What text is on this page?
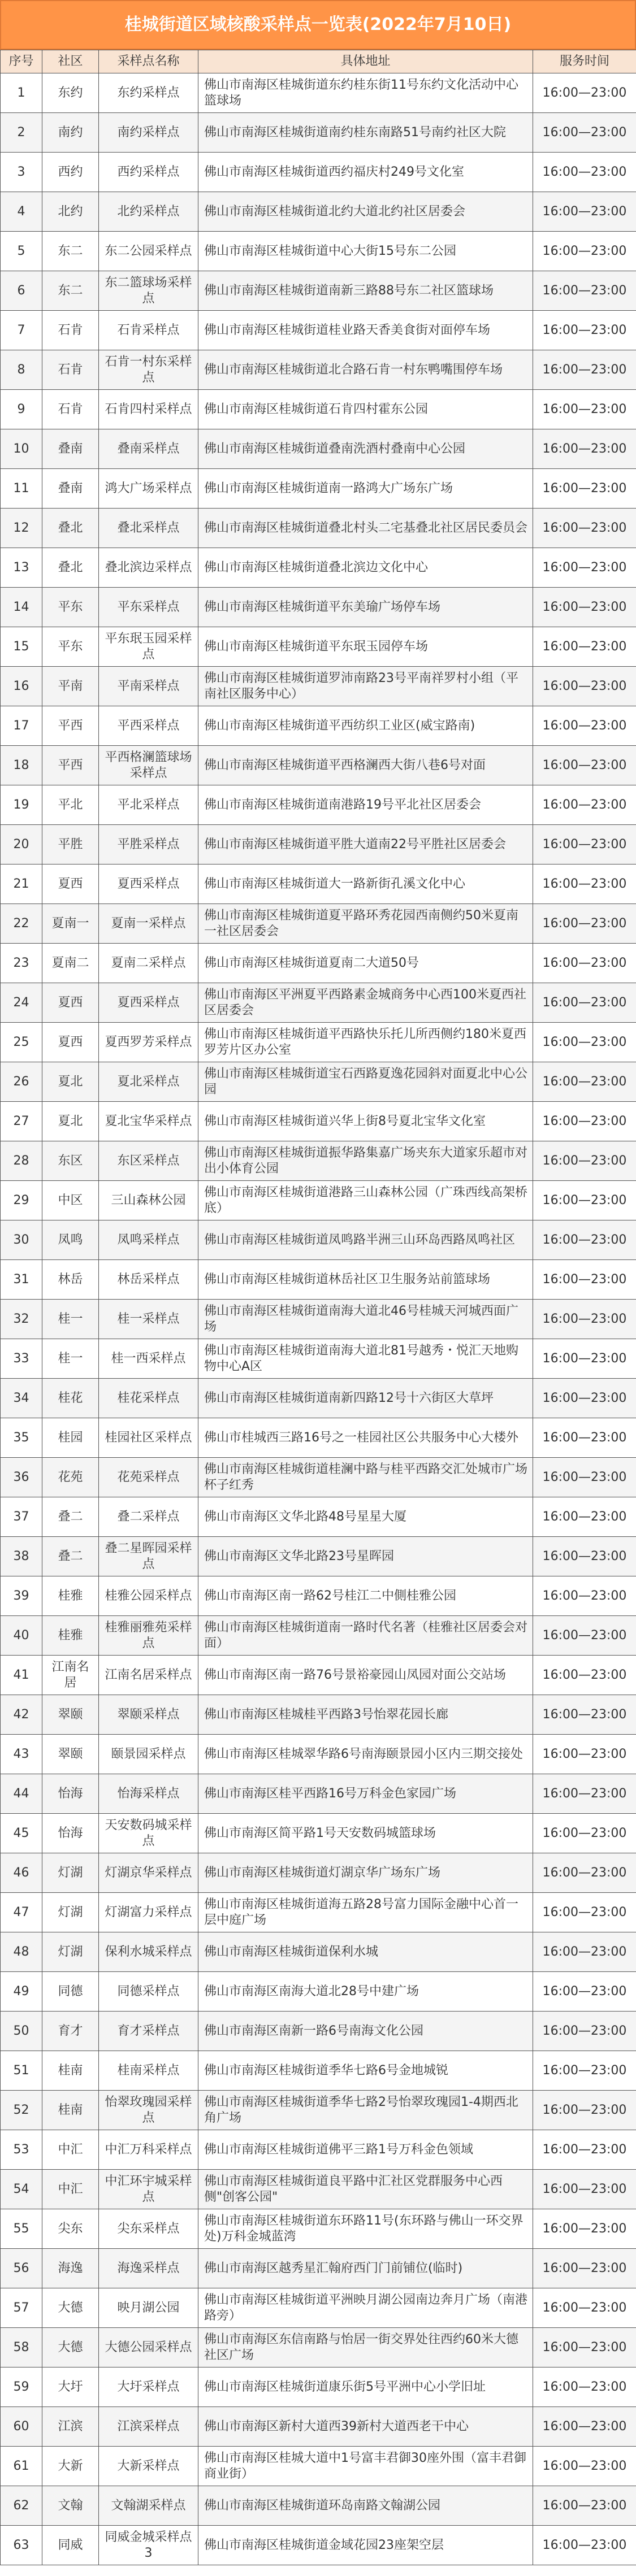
桂城街道区域核酸采样点一览表(2022年7月10日)
序号	社区	采样点名称	具体地址	服务时间
1	东约	东约采样点	佛山市南海区桂城街道东约桂东街11号东约文化活动中心篮球场	16:00—23:00
2	南约	南约采样点	佛山市南海区桂城街道南约桂东南路51号南约社区大院	16:00—23:00
3	西约	西约采样点	佛山市南海区桂城街道西约福庆村249号文化室	16:00—23:00
4	北约	北约采样点	佛山市南海区桂城街道北约大道北约社区居委会	16:00—23:00
5	东二	东二公园采样点	佛山市南海区桂城街道中心大街15号东二公园	16:00—23:00
6	东二	东二篮球场采样点	佛山市南海区桂城街道南新三路88号东二社区篮球场	16:00—23:00
7	石肯	石肯采样点	佛山市南海区桂城街道桂业路天香美食街对面停车场	16:00—23:00
8	石肯	石肯一村东采样点	佛山市南海区桂城街道北合路石肯一村东鸭嘴围停车场	16:00—23:00
9	石肯	石肯四村采样点	佛山市南海区桂城街道石肯四村霍东公园	16:00—23:00
10	叠南	叠南采样点	佛山市南海区桂城街道叠南洗酒村叠南中心公园	16:00—23:00
11	叠南	鸿大广场采样点	佛山市南海区桂城街道南一路鸿大广场东广场	16:00—23:00
12	叠北	叠北采样点	佛山市南海区桂城街道叠北村头二宅基叠北社区居民委员会	16:00—23:00
13	叠北	叠北滨边采样点	佛山市南海区桂城街道叠北滨边文化中心	16:00—23:00
14	平东	平东采样点	佛山市南海区桂城街道平东美瑜广场停车场	16:00—23:00
15	平东	平东珉玉园采样点	佛山市南海区桂城街道平东珉玉园停车场	16:00—23:00
16	平南	平南采样点	佛山市南海区桂城街道罗沛南路23号平南祥罗村小组（平南社区服务中心）	16:00—23:00
17	平西	平西采样点	佛山市南海区桂城街道平西纺织工业区(威宝路南)	16:00—23:00
18	平西	平西格澜篮球场采样点	佛山市南海区桂城街道平西格澜西大街八巷6号对面	16:00—23:00
19	平北	平北采样点	佛山市南海区桂城街道南港路19号平北社区居委会	16:00—23:00
20	平胜	平胜采样点	佛山市南海区桂城街道平胜大道南22号平胜社区居委会	16:00—23:00
21	夏西	夏西采样点	佛山市南海区桂城街道大一路新街孔溪文化中心	16:00—23:00
22	夏南一	夏南一采样点	佛山市南海区桂城街道夏平路环秀花园西南侧约50米夏南一社区居委会	16:00—23:00
23	夏南二	夏南二采样点	佛山市南海区桂城街道夏南二大道50号	16:00—23:00
24	夏西	夏西采样点	佛山市南海区平洲夏平西路素金城商务中心西100米夏西社区居委会	16:00—23:00
25	夏西	夏西罗芳采样点	佛山市南海区桂城街道平西路快乐托儿所西侧约180米夏西罗芳片区办公室	16:00—23:00
26	夏北	夏北采样点	佛山市南海区桂城街道宝石西路夏逸花园斜对面夏北中心公园	16:00—23:00
27	夏北	夏北宝华采样点	佛山市南海区桂城街道兴华上街8号夏北宝华文化室	16:00—23:00
28	东区	东区采样点	佛山市南海区桂城街道振华路集嘉广场夹东大道家乐超市对出小体育公园	16:00—23:00
29	中区	三山森林公园	佛山市南海区桂城街道港路三山森林公园（广珠西线高架桥底）	16:00—23:00
30	凤鸣	凤鸣采样点	佛山市南海区桂城街道凤鸣路半洲三山环岛西路凤鸣社区	16:00—23:00
31	林岳	林岳采样点	佛山市南海区桂城街道林岳社区卫生服务站前篮球场	16:00—23:00
32	桂一	桂一采样点	佛山市南海区桂城街道南海大道北46号桂城天河城西面广场	16:00—23:00
33	桂一	桂一西采样点	佛山市南海区桂城街道南海大道北81号越秀・悦汇天地购物中心A区	16:00—23:00
34	桂花	桂花采样点	佛山市南海区桂城街道南新四路12号十六街区大草坪	16:00—23:00
35	桂园	桂园社区采样点	佛山市桂城西三路16号之一桂园社区公共服务中心大楼外	16:00—23:00
36	花苑	花苑采样点	佛山市南海区桂城街道桂澜中路与桂平西路交汇处城市广场杯子红秀	16:00—23:00
37	叠二	叠二采样点	佛山市南海区文华北路48号星星大厦	16:00—23:00
38	叠二	叠二星晖园采样点	佛山市南海区文华北路23号星晖园	16:00—23:00
39	桂雅	桂雅公园采样点	佛山市南海区南一路62号桂江二中側桂雅公园	16:00—23:00
40	桂雅	桂雅丽雅苑采样点	佛山市南海区桂城街道南一路时代名著（桂雅社区居委会对面）	16:00—23:00
41	江南名居	江南名居采样点	佛山市南海区南一路76号景裕豪园山凤园对面公交站场	16:00—23:00
42	翠颐	翠颐采样点	佛山市南海区桂城桂平西路3号怡翠花园长廊	16:00—23:00
43	翠颐	颐景园采样点	佛山市南海区桂城翠华路6号南海颐景园小区内三期交接处	16:00—23:00
44	怡海	怡海采样点	佛山市南海区桂平西路16号万科金色家园广场	16:00—23:00
45	怡海	天安数码城采样点	佛山市南海区简平路1号天安数码城篮球场	16:00—23:00
46	灯湖	灯湖京华采样点	佛山市南海区桂城街道灯湖京华广场东广场	16:00—23:00
47	灯湖	灯湖富力采样点	佛山市南海区桂城街道海五路28号富力国际金融中心首一层中庭广场	16:00—23:00
48	灯湖	保利水城采样点	佛山市南海区桂城街道保利水城	16:00—23:00
49	同德	同德采样点	佛山市南海区南海大道北28号中建广场	16:00—23:00
50	育才	育才采样点	佛山市南海区南新一路6号南海文化公园	16:00—23:00
51	桂南	桂南采样点	佛山市南海区桂城街道季华七路6号金地城锐	16:00—23:00
52	桂南	怡翠玫瑰园采样点	佛山市南海区桂城街道季华七路2号怡翠玫瑰园1-4期西北角广场	16:00—23:00
53	中汇	中汇万科采样点	佛山市南海区桂城街道佛平三路1号万科金色领域	16:00—23:00
54	中汇	中汇环宇城采样点	佛山市南海区桂城街道良平路中汇社区党群服务中心西侧"创客公园"	16:00—23:00
55	尖东	尖东采样点	佛山市南海区桂城街道东环路11号(东环路与佛山一环交界处)万科金城蓝湾	16:00—23:00
56	海逸	海逸采样点	佛山市南海区越秀星汇翰府西门门前铺位(临时)	16:00—23:00
57	大德	映月湖公园	佛山市南海区桂城街道平洲映月湖公园南边奔月广场（南港路旁）	16:00—23:00
58	大德	大德公园采样点	佛山市南海区东信南路与怡居一街交界处往西约60米大德社区广场	16:00—23:00
59	大圩	大圩采样点	佛山市南海区桂城街道康乐街5号平洲中心小学旧址	16:00—23:00
60	江滨	江滨采样点	佛山市南海区新村大道西39新村大道西老干中心	16:00—23:00
61	大新	大新采样点	佛山市南海区桂城大道中1号富丰君御30座外围（富丰君御商业街）	16:00—23:00
62	文翰	文翰湖采样点	佛山市南海区桂城街道环岛南路文翰湖公园	16:00—23:00
63	同威	同威金城采样点3	佛山市南海区桂城街道金域花园23座架空层	16:00—23:00
